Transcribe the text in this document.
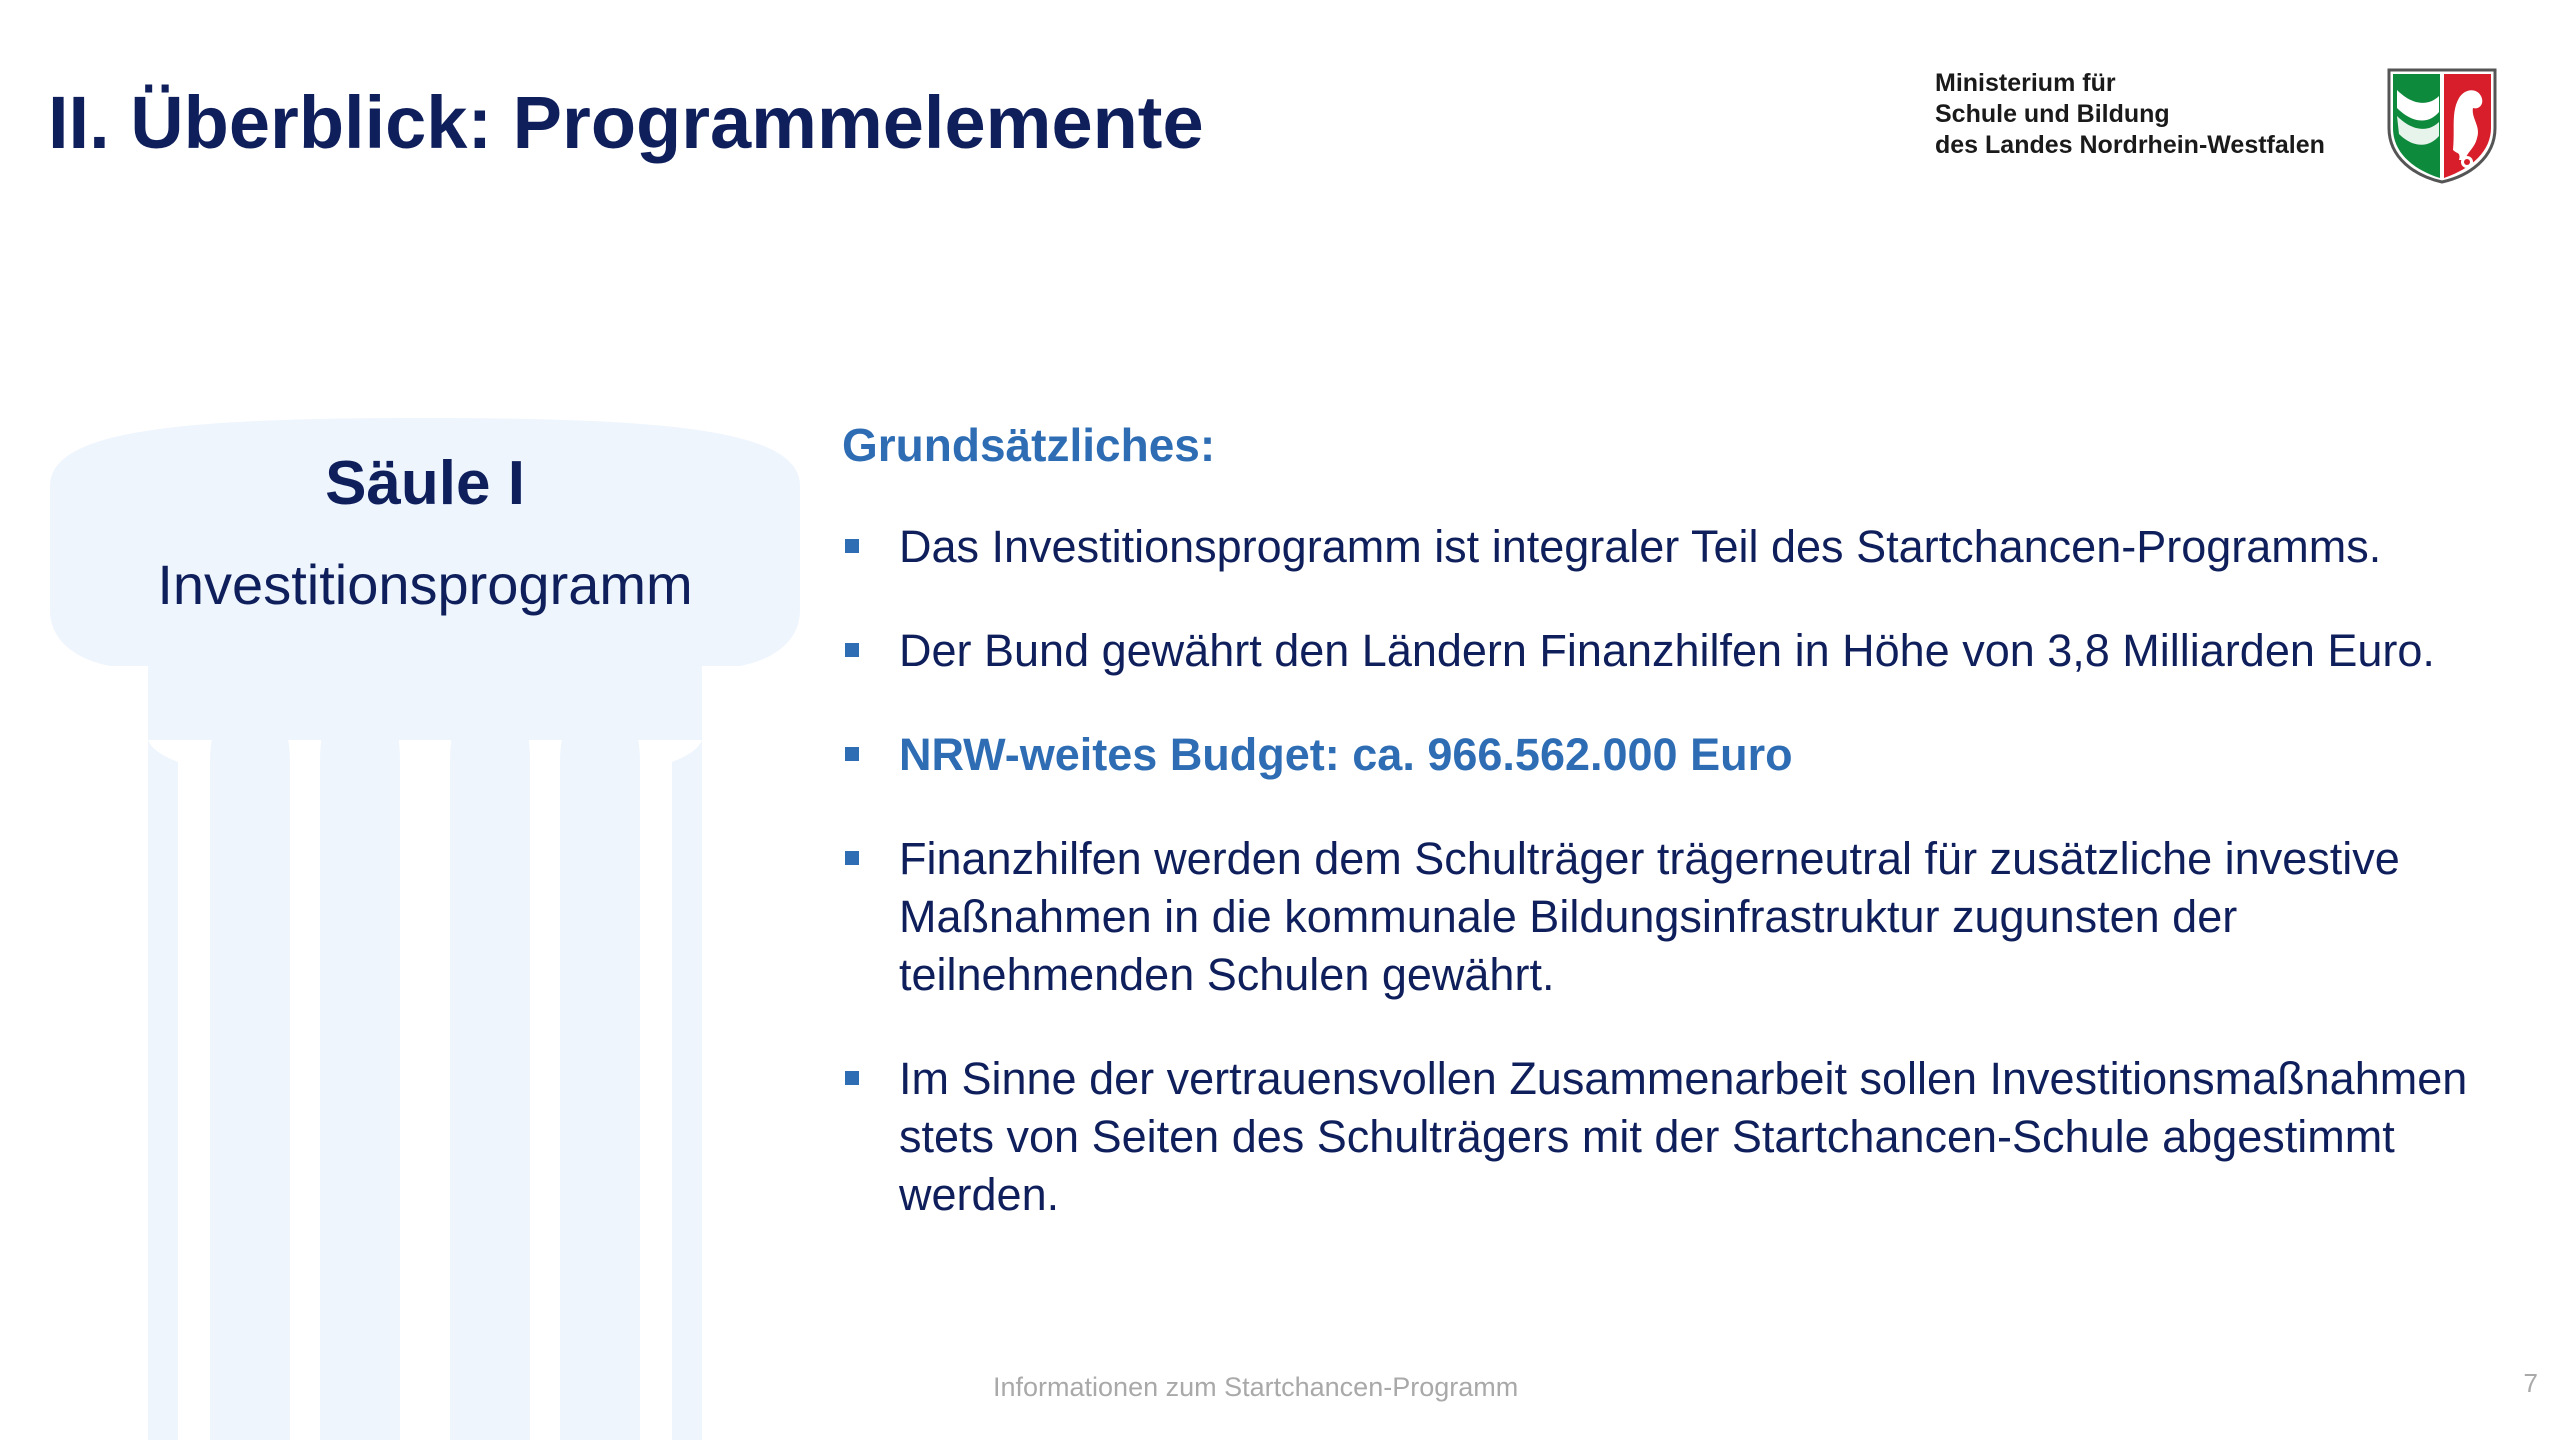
II. Überblick: Programmelemente	Ministerium für
Schule und Bildung
des Landes Nordrhein-Westfalen
Säule I
Investitionsprogramm
Grundsätzliches:
Das Investitionsprogramm ist integraler Teil des Startchancen-Programms.
Der Bund gewährt den Ländern Finanzhilfen in Höhe von 3,8 Milliarden Euro.
NRW-weites Budget: ca. 966.562.000 Euro
Finanzhilfen werden dem Schulträger trägerneutral für zusätzliche investive Maßnahmen in die kommunale Bildungsinfrastruktur zugunsten der teilnehmenden Schulen gewährt.
Im Sinne der vertrauensvollen Zusammenarbeit sollen Investitionsmaßnahmen stets von Seiten des Schulträgers mit der Startchancen-Schule abgestimmt werden.
Informationen zum Startchancen-Programm	7
